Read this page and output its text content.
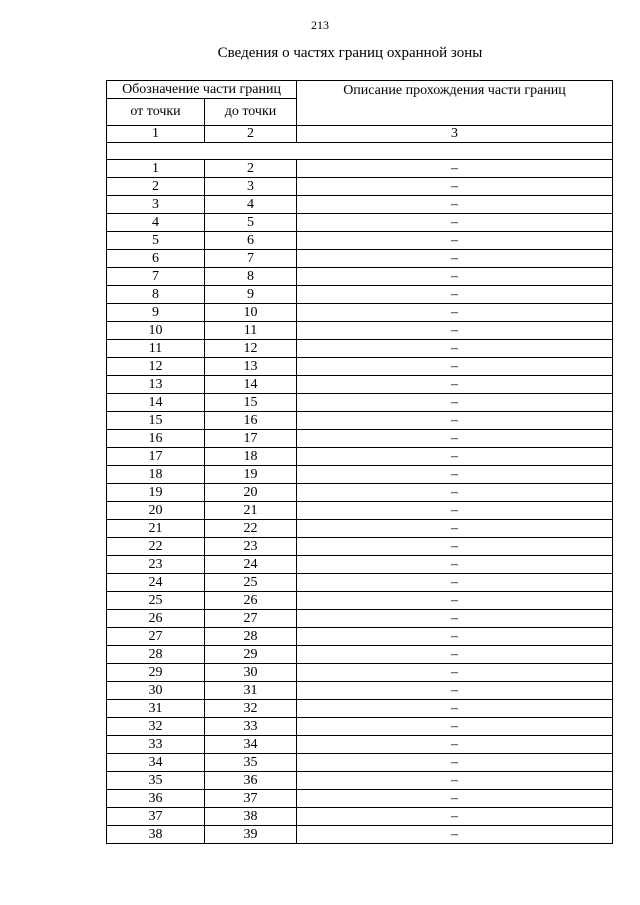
213
Сведения о частях границ охранной зоны
Обозначение части границ		Описание прохождения части границ
от точки	до точки	
1	2	3

1	2	–
2	3	–
3	4	–
4	5	–
5	6	–
6	7	–
7	8	–
8	9	–
9	10	–
10	11	–
11	12	–
12	13	–
13	14	–
14	15	–
15	16	–
16	17	–
17	18	–
18	19	–
19	20	–
20	21	–
21	22	–
22	23	–
23	24	–
24	25	–
25	26	–
26	27	–
27	28	–
28	29	–
29	30	–
30	31	–
31	32	–
32	33	–
33	34	–
34	35	–
35	36	–
36	37	–
37	38	–
38	39	–
